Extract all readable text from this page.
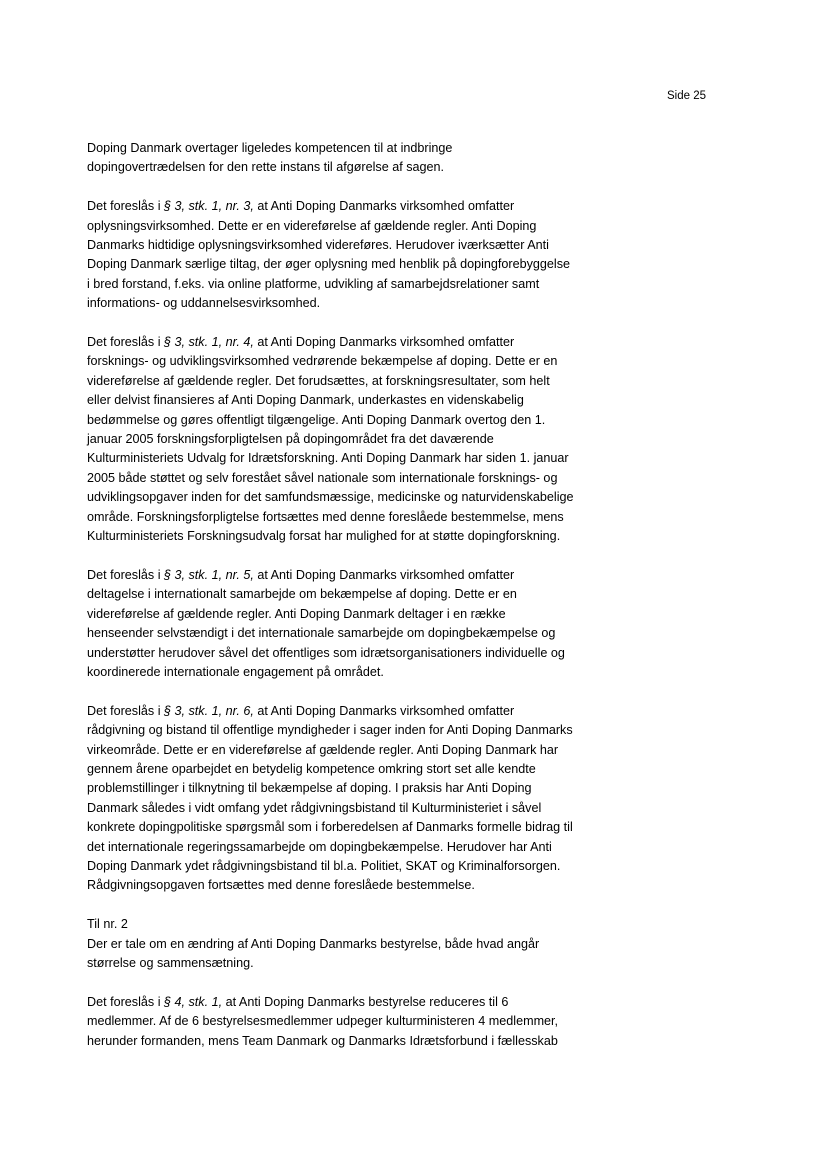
Side 25

Doping Danmark overtager ligeledes kompetencen til at indbringe
dopingovertrædelsen for den rette instans til afgørelse af sagen.

Det foreslås i § 3, stk. 1, nr. 3, at Anti Doping Danmarks virksomhed omfatter
oplysningsvirksomhed. Dette er en videreførelse af gældende regler. Anti Doping
Danmarks hidtidige oplysningsvirksomhed videreføres. Herudover iværksætter Anti
Doping Danmark særlige tiltag, der øger oplysning med henblik på dopingforebyggelse
i bred forstand, f.eks. via online platforme, udvikling af samarbejdsrelationer samt
informations- og uddannelsesvirksomhed.

Det foreslås i § 3, stk. 1, nr. 4, at Anti Doping Danmarks virksomhed omfatter
forsknings- og udviklingsvirksomhed vedrørende bekæmpelse af doping. Dette er en
videreførelse af gældende regler. Det forudsættes, at forskningsresultater, som helt
eller delvist finansieres af Anti Doping Danmark, underkastes en videnskabelig
bedømmelse og gøres offentligt tilgængelige. Anti Doping Danmark overtog den 1.
januar 2005 forskningsforpligtelsen på dopingområdet fra det daværende
Kulturministeriets Udvalg for Idrætsforskning. Anti Doping Danmark har siden 1. januar
2005 både støttet og selv forestået såvel nationale som internationale forsknings- og
udviklingsopgaver inden for det samfundsmæssige, medicinske og naturvidenskabelige
område. Forskningsforpligtelse fortsættes med denne foreslåede bestemmelse, mens
Kulturministeriets Forskningsudvalg forsat har mulighed for at støtte dopingforskning.

Det foreslås i § 3, stk. 1, nr. 5, at Anti Doping Danmarks virksomhed omfatter
deltagelse i internationalt samarbejde om bekæmpelse af doping. Dette er en
videreførelse af gældende regler. Anti Doping Danmark deltager i en række
henseender selvstændigt i det internationale samarbejde om dopingbekæmpelse og
understøtter herudover såvel det offentliges som idrætsorganisationers individuelle og
koordinerede internationale engagement på området.

Det foreslås i § 3, stk. 1, nr. 6, at Anti Doping Danmarks virksomhed omfatter
rådgivning og bistand til offentlige myndigheder i sager inden for Anti Doping Danmarks
virkeområde. Dette er en videreførelse af gældende regler. Anti Doping Danmark har
gennem årene oparbejdet en betydelig kompetence omkring stort set alle kendte
problemstillinger i tilknytning til bekæmpelse af doping. I praksis har Anti Doping
Danmark således i vidt omfang ydet rådgivningsbistand til Kulturministeriet i såvel
konkrete dopingpolitiske spørgsmål som i forberedelsen af Danmarks formelle bidrag til
det internationale regeringssamarbejde om dopingbekæmpelse. Herudover har Anti
Doping Danmark ydet rådgivningsbistand til bl.a. Politiet, SKAT og Kriminalforsorgen.
Rådgivningsopgaven fortsættes med denne foreslåede bestemmelse.

Til nr. 2
Der er tale om en ændring af Anti Doping Danmarks bestyrelse, både hvad angår
størrelse og sammensætning.

Det foreslås i § 4, stk. 1, at Anti Doping Danmarks bestyrelse reduceres til 6
medlemmer. Af de 6 bestyrelsesmedlemmer udpeger kulturministeren 4 medlemmer,
herunder formanden, mens Team Danmark og Danmarks Idrætsforbund i fællesskab
